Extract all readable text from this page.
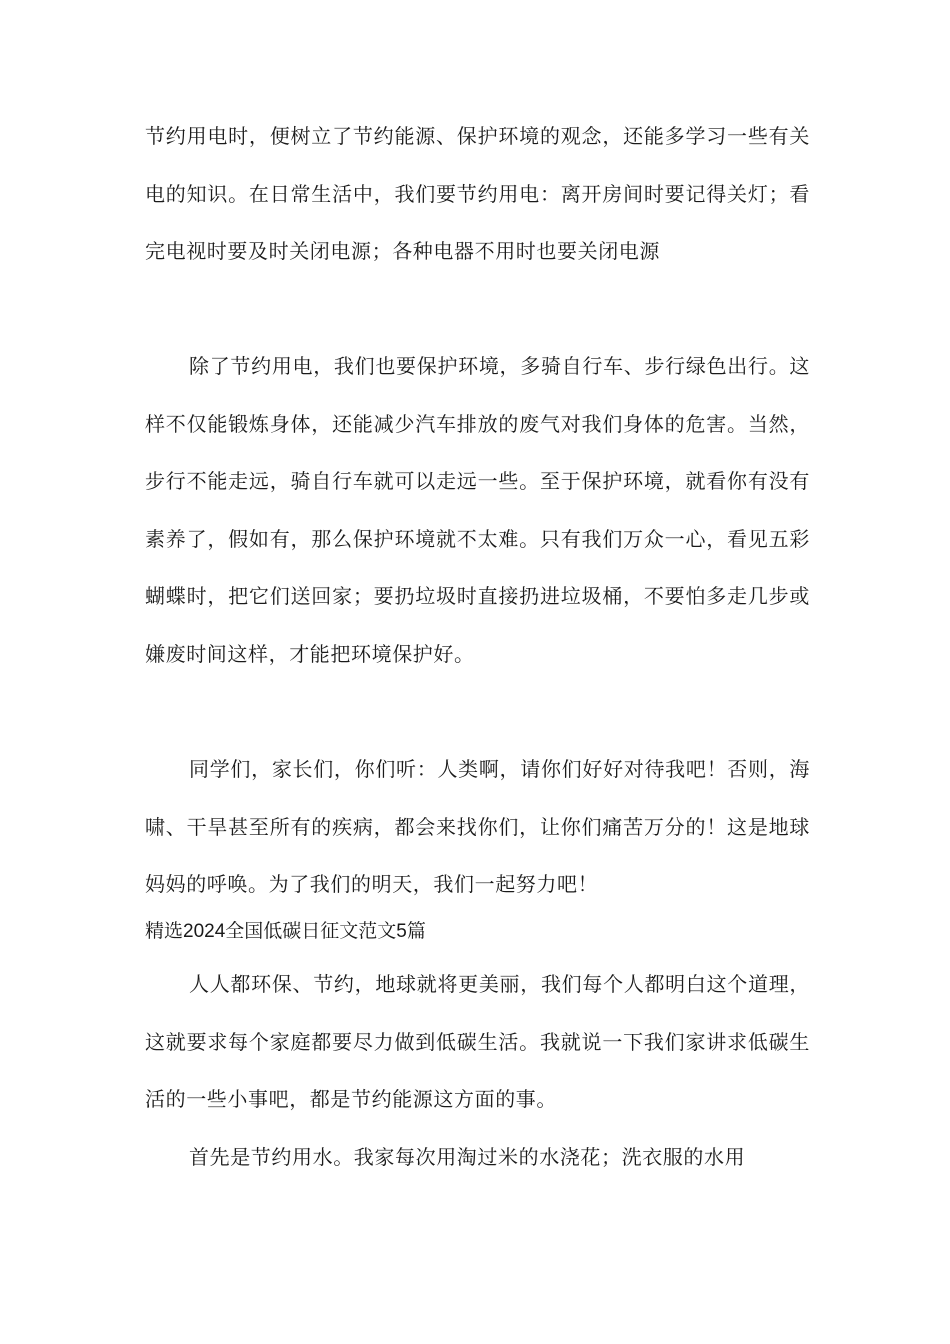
节约用电时，便树立了节约能源、保护环境的观念，还能多学习一些有关电的知识。在日常生活中，我们要节约用电：离开房间时要记得关灯；看完电视时要及时关闭电源；各种电器不用时也要关闭电源

除了节约用电，我们也要保护环境，多骑自行车、步行绿色出行。这样不仅能锻炼身体，还能减少汽车排放的废气对我们身体的危害。当然，步行不能走远，骑自行车就可以走远一些。至于保护环境，就看你有没有素养了，假如有，那么保护环境就不太难。只有我们万众一心，看见五彩蝴蝶时，把它们送回家；要扔垃圾时直接扔进垃圾桶，不要怕多走几步或嫌废时间这样，才能把环境保护好。

同学们，家长们，你们听：人类啊，请你们好好对待我吧！否则，海啸、干旱甚至所有的疾病，都会来找你们，让你们痛苦万分的！这是地球妈妈的呼唤。为了我们的明天，我们一起努力吧！

精选2024全国低碳日征文范文5篇

人人都环保、节约，地球就将更美丽，我们每个人都明白这个道理，这就要求每个家庭都要尽力做到低碳生活。我就说一下我们家讲求低碳生活的一些小事吧，都是节约能源这方面的事。

首先是节约用水。我家每次用淘过米的水浇花；洗衣服的水用
